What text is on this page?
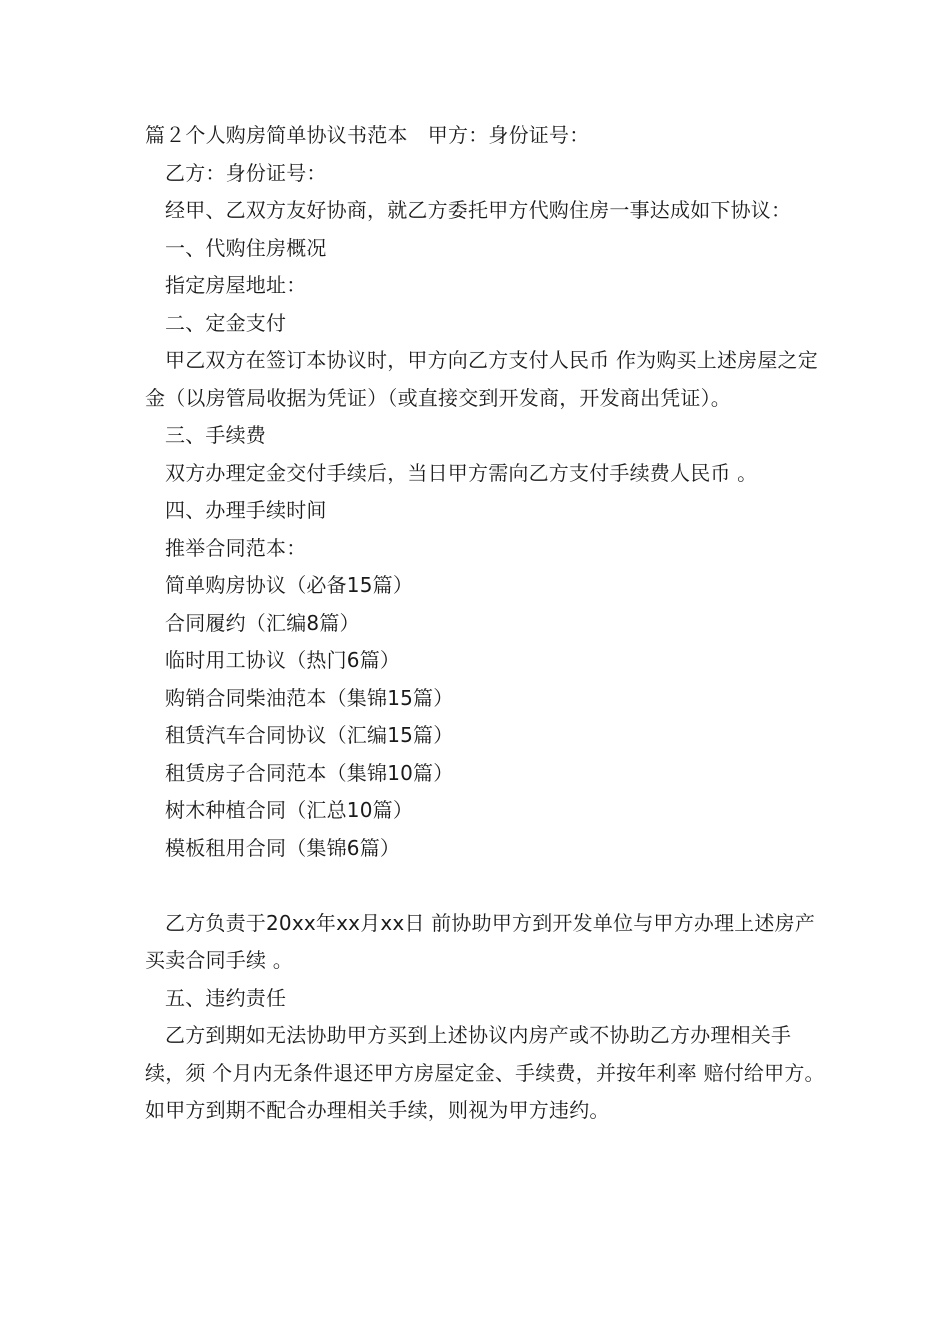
篇２个人购房简单协议书范本　甲方：身份证号：

乙方：身份证号：

经甲、乙双方友好协商，就乙方委托甲方代购住房一事达成如下协议：

一、代购住房概况

指定房屋地址：

二、定金支付

甲乙双方在签订本协议时，甲方向乙方支付人民币 作为购买上述房屋之定金（以房管局收据为凭证）（或直接交到开发商，开发商出凭证）。

三、手续费

双方办理定金交付手续后，当日甲方需向乙方支付手续费人民币 。

四、办理手续时间

推举合同范本：

简单购房协议（必备15篇）

合同履约（汇编8篇）

临时用工协议（热门6篇）

购销合同柴油范本（集锦15篇）

租赁汽车合同协议（汇编15篇）

租赁房子合同范本（集锦10篇）

树木种植合同（汇总10篇）

模板租用合同（集锦6篇）

乙方负责于20xx年xx月xx日 前协助甲方到开发单位与甲方办理上述房产买卖合同手续 。

五、违约责任

乙方到期如无法协助甲方买到上述协议内房产或不协助乙方办理相关手续，须 个月内无条件退还甲方房屋定金、手续费，并按年利率 赔付给甲方。如甲方到期不配合办理相关手续，则视为甲方违约。
